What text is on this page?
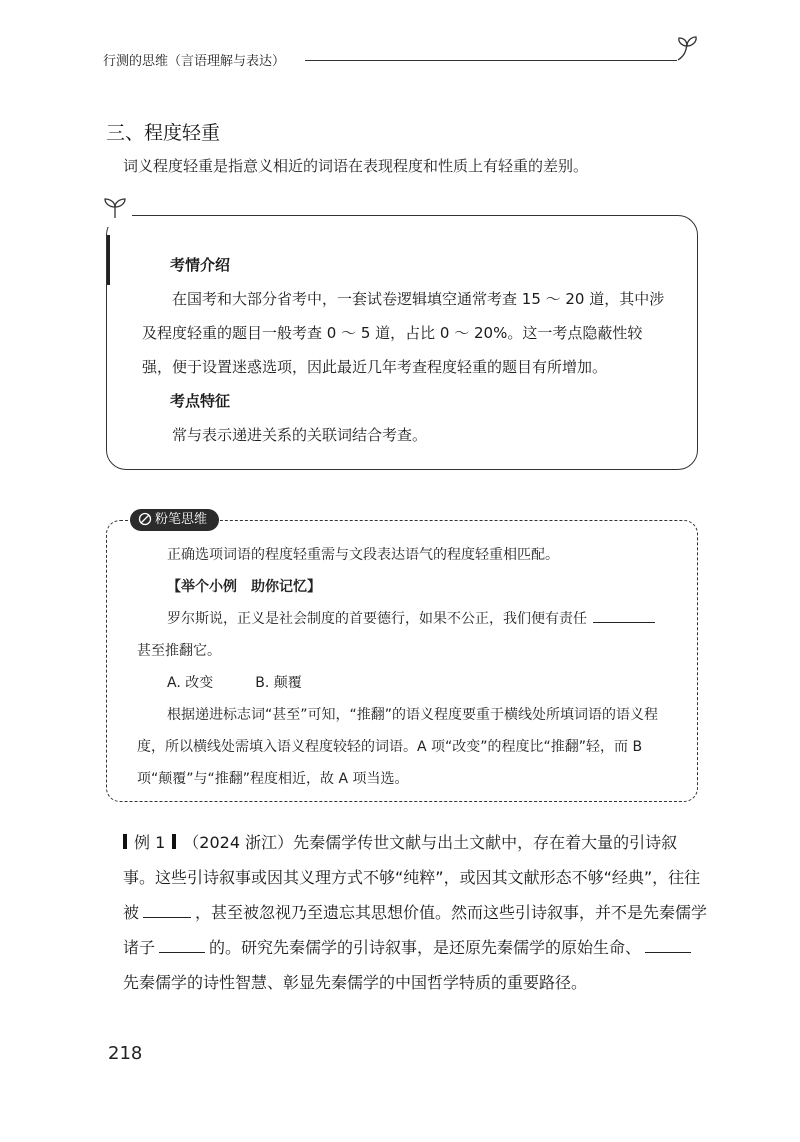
行测的思维（言语理解与表达）
三、程度轻重
词义程度轻重是指意义相近的词语在表现程度和性质上有轻重的差别。

考情介绍

在国考和大部分省考中，一套试卷逻辑填空通常考查 15 ～ 20 道，其中涉及程度轻重的题目一般考查 0 ～ 5 道，占比 0 ～ 20%。这一考点隐蔽性较强，便于设置迷惑选项，因此最近几年考查程度轻重的题目有所增加。

考点特征

常与表示递进关系的关联词结合考查。

粉笔思维

正确选项词语的程度轻重需与文段表达语气的程度轻重相匹配。

【举个小例　助你记忆】

罗尔斯说，正义是社会制度的首要德行，如果不公正，我们便有责任

甚至推翻它。

A. 改变	B. 颠覆

根据递进标志词“甚至”可知，“推翻”的语义程度要重于横线处所填词语的语义程度，所以横线处需填入语义程度较轻的词语。A 项“改变”的程度比“推翻”轻，而 B 项“颠覆”与“推翻”程度相近，故 A 项当选。

例 1 （2024 浙江）先秦儒学传世文献与出土文献中，存在着大量的引诗叙事。这些引诗叙事或因其义理方式不够“纯粹”，或因其文献形态不够“经典”，往往被	，甚至被忽视乃至遗忘其思想价值。然而这些引诗叙事，并不是先秦儒学诸子	的。研究先秦儒学的引诗叙事，是还原先秦儒学的原始生命、先秦儒学的诗性智慧、彰显先秦儒学的中国哲学特质的重要路径。

218
